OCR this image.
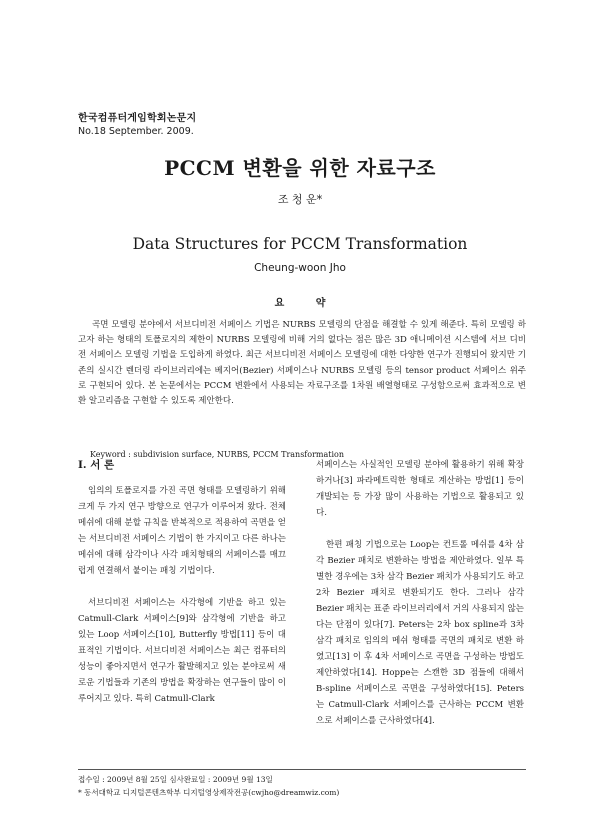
한국컴퓨터게임학회논문지
No.18 September. 2009.
PCCM 변환을 위한 자료구조
조 청 운*
Data Structures for PCCM Transformation
Cheung-woon Jho
요 약

곡면 모델링 분야에서 서브디비전 서페이스 기법은 NURBS 모델링의 단점을 해결할 수 있게 해준다. 특히 모델링 하고자 하는 형태의 토폴로지의 제한이 NURBS 모델링에 비해 거의 없다는 점은 많은 3D 애니메이션 시스템에 서브 디비전 서페이스 모델링 기법을 도입하게 하였다. 최근 서브디비전 서페이스 모델링에 대한 다양한 연구가 진행되어 왔지만 기존의 실시간 렌더링 라이브러리에는 베지어(Bezier) 서페이스나 NURBS 모델링 등의 tensor product 서페이스 위주로 구현되어 있다. 본 논문에서는 PCCM 변환에서 사용되는 자료구조를 1차원 배열형태로 구성함으로써 효과적으로 변환 알고리즘을 구현할 수 있도록 제안한다.

Keyword : subdivision surface, NURBS, PCCM Transformation

Ⅰ. 서 론

임의의 토폴로지를 가진 곡면 형태를 모델링하기 위해 크게 두 가지 연구 방향으로 연구가 이루어져 왔다. 전체 메쉬에 대해 분할 규칙을 반복적으로 적용하여 곡면을 얻는 서브디비전 서페이스 기법이 한 가지이고 다른 하나는 메쉬에 대해 삼각이나 사각 패치형태의 서페이스를 매끄럽게 연결해서 붙이는 패칭 기법이다.

서브디비전 서페이스는 사각형에 기반을 하고 있는 Catmull-Clark 서페이스[9]와 삼각형에 기반을 하고 있는 Loop 서페이스[10], Butterfly 방법[11] 등이 대표적인 기법이다. 서브디비전 서페이스는 최근 컴퓨터의 성능이 좋아지면서 연구가 활발해지고 있는 분야로써 새로운 기법들과 기존의 방법을 확장하는 연구들이 많이 이루어지고 있다. 특히 Catmull-Clark

서페이스는 사실적인 모델링 분야에 활용하기 위해 확장하거나[3] 파라메트릭한 형태로 계산하는 방법[1] 등이 개발되는 등 가장 많이 사용하는 기법으로 활용되고 있다.

한편 패칭 기법으로는 Loop는 컨트롤 메쉬를 4차 삼각 Bezier 패치로 변환하는 방법을 제안하였다. 일부 특별한 경우에는 3차 삼각 Bezier 패치가 사용되기도 하고 2차 Bezier 패치로 변환되기도 한다. 그러나 삼각 Bezier 패치는 표준 라이브러리에서 거의 사용되지 않는다는 단점이 있다[7]. Peters는 2차 box spline과 3차 삼각 패치로 임의의 메쉬 형태를 곡면의 패치로 변환 하였고[13] 이 후 4차 서페이스로 곡면을 구성하는 방법도 제안하였다[14]. Hoppe는 스캔한 3D 점들에 대해서 B-spline 서페이스로 곡면을 구성하였다[15]. Peters는 Catmull-Clark 서페이스를 근사하는 PCCM 변환으로 서페이스를 근사하였다[4].

접수일 : 2009년 8월 25일 심사완료일 : 2009년 9월 13일

* 동서대학교 디지털콘텐츠학부 디지털영상제작전공(cwjho@dreamwiz.com)
